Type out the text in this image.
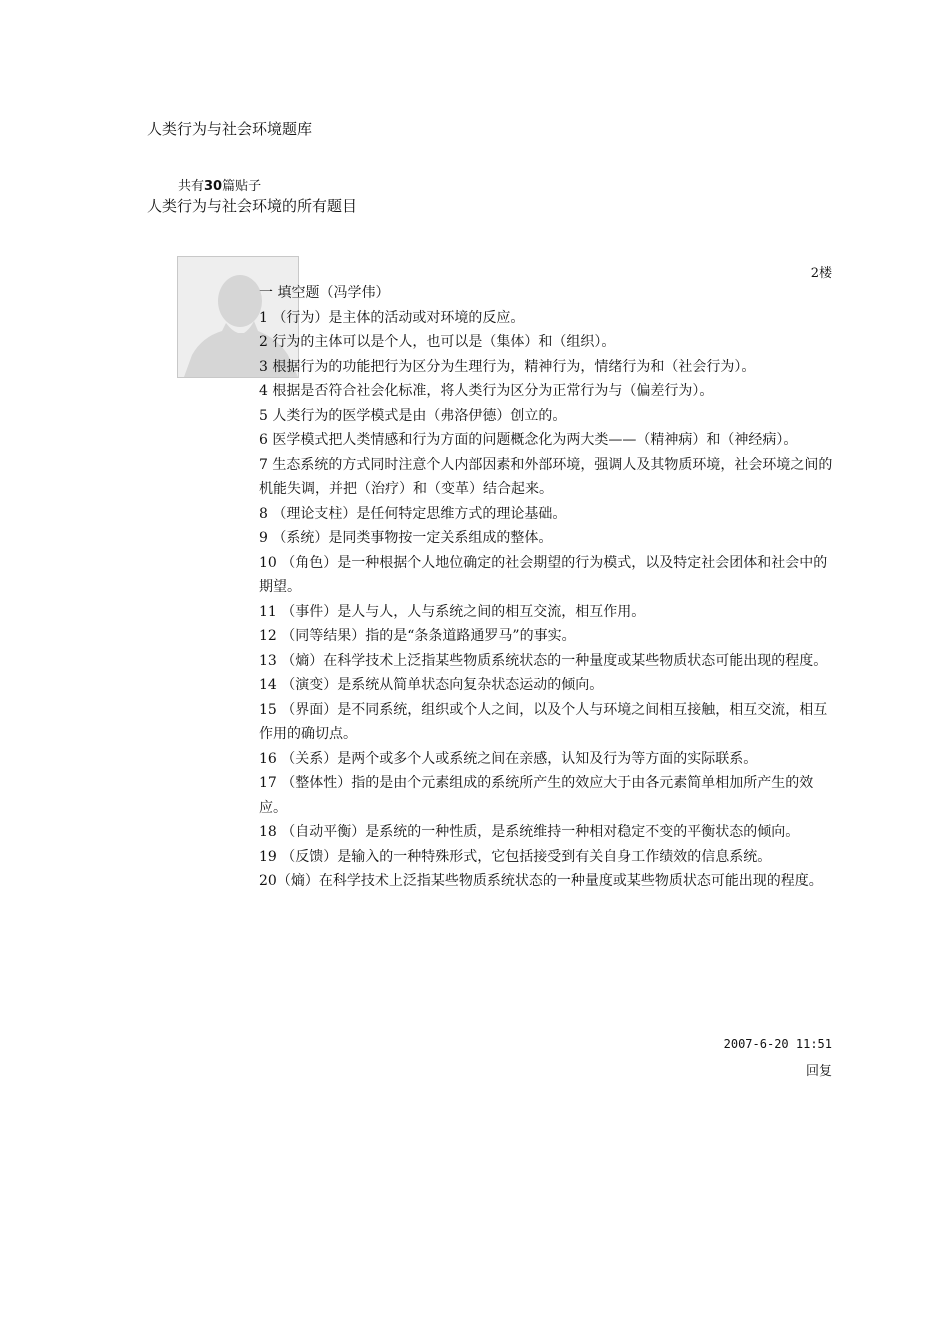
人类行为与社会环境题库
共有30篇贴子
人类行为与社会环境的所有题目
2楼

一 填空题（冯学伟）

1 （行为）是主体的活动或对环境的反应。

2 行为的主体可以是个人，也可以是（集体）和（组织）。

3 根据行为的功能把行为区分为生理行为，精神行为，情绪行为和（社会行为）。

4 根据是否符合社会化标准，将人类行为区分为正常行为与（偏差行为）。

5 人类行为的医学模式是由（弗洛伊德）创立的。

6 医学模式把人类情感和行为方面的问题概念化为两大类——（精神病）和（神经病）。

7 生态系统的方式同时注意个人内部因素和外部环境，强调人及其物质环境，社会环境之间的机能失调，并把（治疗）和（变革）结合起来。

8 （理论支柱）是任何特定思维方式的理论基础。

9 （系统）是同类事物按一定关系组成的整体。

10 （角色）是一种根据个人地位确定的社会期望的行为模式，以及特定社会团体和社会中的期望。

11 （事件）是人与人，人与系统之间的相互交流，相互作用。

12 （同等结果）指的是“条条道路通罗马”的事实。

13 （熵）在科学技术上泛指某些物质系统状态的一种量度或某些物质状态可能出现的程度。

14 （演变）是系统从简单状态向复杂状态运动的倾向。

15 （界面）是不同系统，组织或个人之间，以及个人与环境之间相互接触，相互交流，相互作用的确切点。

16 （关系）是两个或多个人或系统之间在亲感，认知及行为等方面的实际联系。

17 （整体性）指的是由个元素组成的系统所产生的效应大于由各元素简单相加所产生的效应。

18 （自动平衡）是系统的一种性质，是系统维持一种相对稳定不变的平衡状态的倾向。

19 （反馈）是输入的一种特殊形式，它包括接受到有关自身工作绩效的信息系统。

20（熵）在科学技术上泛指某些物质系统状态的一种量度或某些物质状态可能出现的程度。

2007-6-20 11:51
回复
